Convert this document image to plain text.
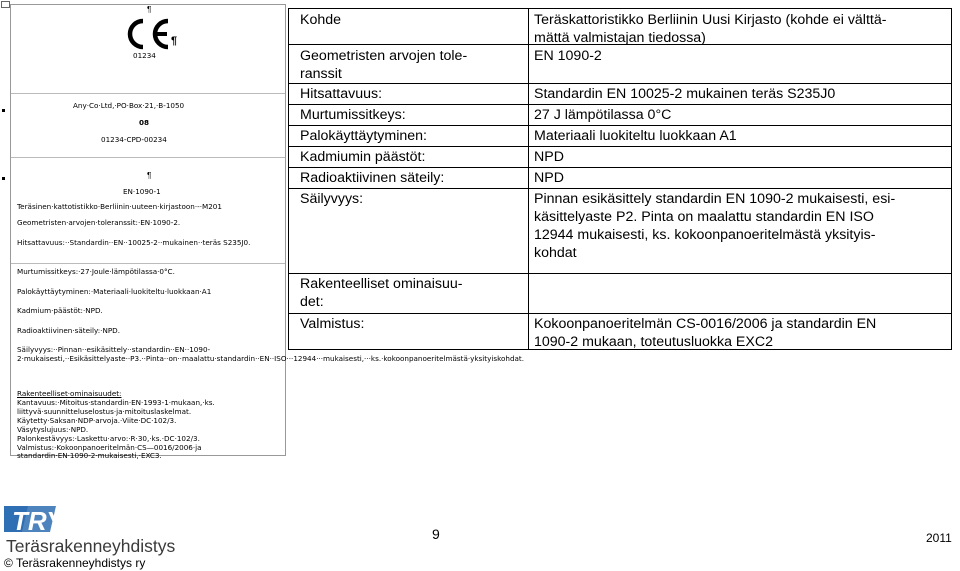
¶
¶
01234
Any·Co·Ltd,·PO·Box·21,·B-1050
08
01234-CPD-00234
¶
EN·1090-1
Teräsinen·kattotistikko·Berliinin·uuteen·kirjastoon·-·M201
Geometristen·arvojen·toleranssit:·EN·1090-2.
Hitsattavuus:··Standardin··EN··10025-2··mukainen··teräs S235J0.
Murtumissitkeys:·27·Joule·lämpötilassa·0°C.
Palokäyttäytyminen:·Materiaali·luokiteltu·luokkaan·A1
Kadmium·päästöt:·NPD.
Radioaktiivinen·säteily:·NPD.
Säilyvyys:··Pinnan··esikäsittely··standardin··EN··1090-2·mukaisesti,··Esikäsittelyaste··P3.··Pinta··on··maalattu·standardin··EN··ISO···12944···mukaisesti,···ks.·kokoonpanoeritelmästä·yksityiskohdat.
Rakenteelliset·ominaisuudet:
Kantavuus:·Mitoitus·standardin·EN·1993-1·mukaan,·ks.
liittyvä·suunnitteluselostus·ja·mitoituslaskelmat.
Käytetty·Saksan·NDP·arvoja.·Viite·DC·102/3.
Väsytyslujuus:·NPD.
Palonkestävyys:·Laskettu·arvo:·R·30,·ks.·DC·102/3.
Valmistus:·Kokoonpanoeritelmän·CS—0016/2006·ja
standardin·EN·1090-2·mukaisesti,·EXC3.
Kohde
Geometristen arvojen tole-
ranssit
Hitsattavuus:
Murtumissitkeys:
Palokäyttäytyminen:
Kadmiumin päästöt:
Radioaktiivinen säteily:
Säilyvyys:
Rakenteelliset ominaisuu-
det:
Valmistus:
Teräskattoristikko Berliinin Uusi Kirjasto (kohde ei välttä-
mättä valmistajan tiedossa)
EN 1090-2
Standardin EN 10025-2 mukainen teräs S235J0
27 J lämpötilassa 0°C
Materiaali luokiteltu luokkaan A1
NPD
NPD
Pinnan esikäsittely standardin EN 1090-2 mukaisesti, esi-
käsittelyaste P2. Pinta on maalattu standardin EN ISO
12944 mukaisesti, ks. kokoonpanoeritelmästä yksityis-
kohdat
Kokoonpanoeritelmän CS-0016/2006 ja standardin EN
1090-2 mukaan, toteutusluokka EXC2
TRY
Teräsrakenneyhdistys
© Teräsrakenneyhdistys ry
9	2011
